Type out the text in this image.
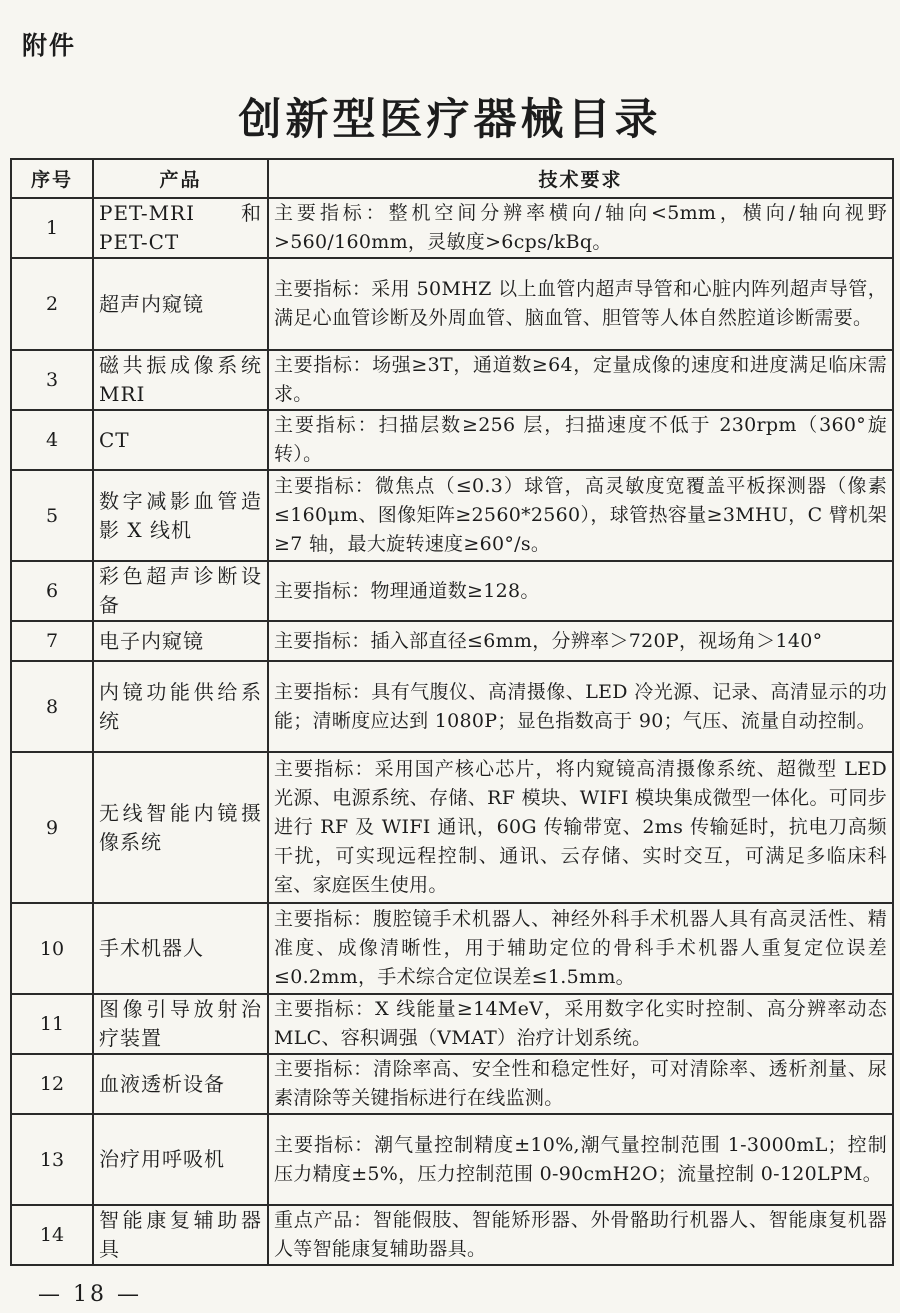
附件
创新型医疗器械目录
序号	产品	技术要求
1	PET-MRI　和 PET-CT	主要指标：整机空间分辨率横向/轴向<5mm，横向/轴向视野>560/160mm，灵敏度>6cps/kBq。
2	超声内窥镜	主要指标：采用 50MHZ 以上血管内超声导管和心脏内阵列超声导管，满足心血管诊断及外周血管、脑血管、胆管等人体自然腔道诊断需要。
3	磁共振成像系统 MRI	主要指标：场强≥3T，通道数≥64，定量成像的速度和进度满足临床需求。
4	CT	主要指标：扫描层数≥256 层，扫描速度不低于 230rpm（360°旋转）。
5	数字减影血管造影 X 线机	主要指标：微焦点（≤0.3）球管，高灵敏度宽覆盖平板探测器（像素≤160μm、图像矩阵≥2560*2560），球管热容量≥3MHU，C 臂机架≥7 轴，最大旋转速度≥60°/s。
6	彩色超声诊断设备	主要指标：物理通道数≥128。
7	电子内窥镜	主要指标：插入部直径≤6mm，分辨率＞720P，视场角＞140°
8	内镜功能供给系统	主要指标：具有气腹仪、高清摄像、LED 冷光源、记录、高清显示的功能；清晰度应达到 1080P；显色指数高于 90；气压、流量自动控制。
9	无线智能内镜摄像系统	主要指标：采用国产核心芯片，将内窥镜高清摄像系统、超微型 LED 光源、电源系统、存储、RF 模块、WIFI 模块集成微型一体化。可同步进行 RF 及 WIFI 通讯，60G 传输带宽、2ms 传输延时，抗电刀高频干扰，可实现远程控制、通讯、云存储、实时交互，可满足多临床科室、家庭医生使用。
10	手术机器人	主要指标：腹腔镜手术机器人、神经外科手术机器人具有高灵活性、精准度、成像清晰性，用于辅助定位的骨科手术机器人重复定位误差≤0.2mm，手术综合定位误差≤1.5mm。
11	图像引导放射治疗装置	主要指标：X 线能量≥14MeV，采用数字化实时控制、高分辨率动态 MLC、容积调强（VMAT）治疗计划系统。
12	血液透析设备	主要指标：清除率高、安全性和稳定性好，可对清除率、透析剂量、尿素清除等关键指标进行在线监测。
13	治疗用呼吸机	主要指标：潮气量控制精度±10%,潮气量控制范围 1-3000mL；控制压力精度±5%，压力控制范围 0-90cmH2O；流量控制 0-120LPM。
14	智能康复辅助器具	重点产品：智能假肢、智能矫形器、外骨骼助行机器人、智能康复机器人等智能康复辅助器具。
— 18 —
